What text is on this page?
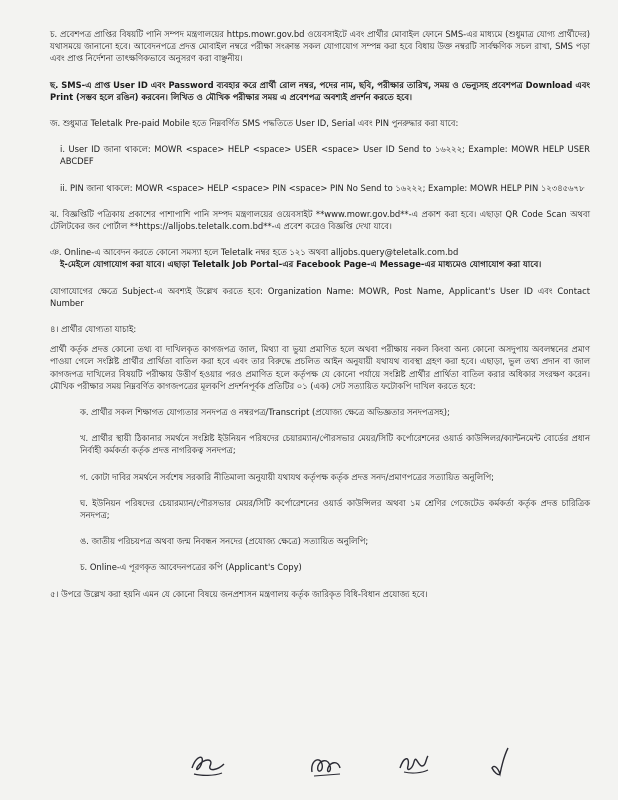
চ. প্রবেশপত্র প্রাপ্তির বিষয়টি পানি সম্পদ মন্ত্রণালয়ের https.mowr.gov.bd ওয়েবসাইটে এবং প্রার্থীর মোবাইল ফোনে SMS-এর মাধ্যমে (শুধুমাত্র যোগ্য প্রার্থীদের) যথাসময়ে জানানো হবে। আবেদনপত্রে প্রদত্ত মোবাইল নম্বরে পরীক্ষা সংক্রান্ত সকল যোগাযোগ সম্পন্ন করা হবে বিধায় উক্ত নম্বরটি সার্বক্ষণিক সচল রাখা, SMS পড়া এবং প্রাপ্ত নির্দেশনা তাৎক্ষণিকভাবে অনুসরণ করা বাঞ্ছনীয়।

ছ. SMS-এ প্রাপ্ত User ID এবং Password ব্যবহার করে প্রার্থী রোল নম্বর, পদের নাম, ছবি, পরীক্ষার তারিখ, সময় ও ভেন্যুসহ প্রবেশপত্র Download এবং Print (সম্ভব হলে রঙিন) করবেন। লিখিত ও মৌখিক পরীক্ষার সময় এ প্রবেশপত্র অবশ্যই প্রদর্শন করতে হবে।

জ. শুধুমাত্র Teletalk Pre-paid Mobile হতে নিম্নবর্ণিত SMS পদ্ধতিতে User ID, Serial এবং PIN পুনরুদ্ধার করা যাবে:

i. User ID জানা থাকলে: MOWR <space> HELP <space> USER <space> User ID Send to ১৬২২২; Example: MOWR HELP USER ABCDEF

ii. PIN জানা থাকলে: MOWR <space> HELP <space> PIN <space> PIN No Send to ১৬২২২; Example: MOWR HELP PIN ১২৩৪৫৬৭৮

ঝ. বিজ্ঞপ্তিটি পত্রিকায় প্রকাশের পাশাপাশি পানি সম্পদ মন্ত্রণালয়ের ওয়েবসাইট **www.mowr.gov.bd**-এ প্রকাশ করা হবে। এছাড়া QR Code Scan অথবা টেলিটকের জব পোর্টাল **https://alljobs.teletalk.com.bd**-এ প্রবেশ করেও বিজ্ঞপ্তি দেখা যাবে।

ঞ. Online-এ আবেদন করতে কোনো সমস্যা হলে Teletalk নম্বর হতে ১২১ অথবা alljobs.query@teletalk.com.bd

ই-মেইলে যোগাযোগ করা যাবে। এছাড়া Teletalk Job Portal-এর Facebook Page-এ Message-এর মাধ্যমেও যোগাযোগ করা যাবে।

যোগাযোগের ক্ষেত্রে Subject-এ অবশ্যই উল্লেখ করতে হবে: Organization Name: MOWR, Post Name, Applicant's User ID এবং Contact Number

৪। প্রার্থীর যোগ্যতা যাচাই:

প্রার্থী কর্তৃক প্রদত্ত কোনো তথ্য বা দাখিলকৃত কাগজপত্র জাল, মিথ্যা বা ভুয়া প্রমাণিত হলে অথবা পরীক্ষায় নকল কিংবা অন্য কোনো অসদুপায় অবলম্বনের প্রমাণ পাওয়া গেলে সংশ্লিষ্ট প্রার্থীর প্রার্থিতা বাতিল করা হবে এবং তার বিরুদ্ধে প্রচলিত আইন অনুযায়ী যথাযথ ব্যবস্থা গ্রহণ করা হবে। এছাড়া, ভুল তথ্য প্রদান বা জাল কাগজপত্র দাখিলের বিষয়টি পরীক্ষায় উত্তীর্ণ হওয়ার পরও প্রমাণিত হলে কর্তৃপক্ষ যে কোনো পর্যায়ে সংশ্লিষ্ট প্রার্থীর প্রার্থিতা বাতিল করার অধিকার সংরক্ষণ করেন। মৌখিক পরীক্ষার সময় নিম্নবর্ণিত কাগজপত্রের মূলকপি প্রদর্শনপূর্বক প্রতিটির ০১ (এক) সেট সত্যায়িত ফটোকপি দাখিল করতে হবে:

ক. প্রার্থীর সকল শিক্ষাগত যোগ্যতার সনদপত্র ও নম্বরপত্র/Transcript (প্রযোজ্য ক্ষেত্রে অভিজ্ঞতার সনদপত্রসহ);

খ. প্রার্থীর স্থায়ী ঠিকানার সমর্থনে সংশ্লিষ্ট ইউনিয়ন পরিষদের চেয়ারম্যান/পৌরসভার মেয়র/সিটি কর্পোরেশনের ওয়ার্ড কাউন্সিলর/ক্যান্টনমেন্ট বোর্ডের প্রধান নির্বাহী কর্মকর্তা কর্তৃক প্রদত্ত নাগরিকত্ব সনদপত্র;

গ. কোটা দাবির সমর্থনে সর্বশেষ সরকারি নীতিমালা অনুযায়ী যথাযথ কর্তৃপক্ষ কর্তৃক প্রদত্ত সনদ/প্রমাণপত্রের সত্যায়িত অনুলিপি;

ঘ. ইউনিয়ন পরিষদের চেয়ারম্যান/পৌরসভার মেয়র/সিটি কর্পোরেশনের ওয়ার্ড কাউন্সিলর অথবা ১ম শ্রেণির গেজেটেড কর্মকর্তা কর্তৃক প্রদত্ত চারিত্রিক সনদপত্র;

ঙ. জাতীয় পরিচয়পত্র অথবা জন্ম নিবন্ধন সনদের (প্রযোজ্য ক্ষেত্রে) সত্যায়িত অনুলিপি;

চ. Online-এ পূরণকৃত আবেদনপত্রের কপি (Applicant's Copy)

৫। উপরে উল্লেখ করা হয়নি এমন যে কোনো বিষয়ে জনপ্রশাসন মন্ত্রণালয় কর্তৃক জারিকৃত বিধি-বিধান প্রযোজ্য হবে।
